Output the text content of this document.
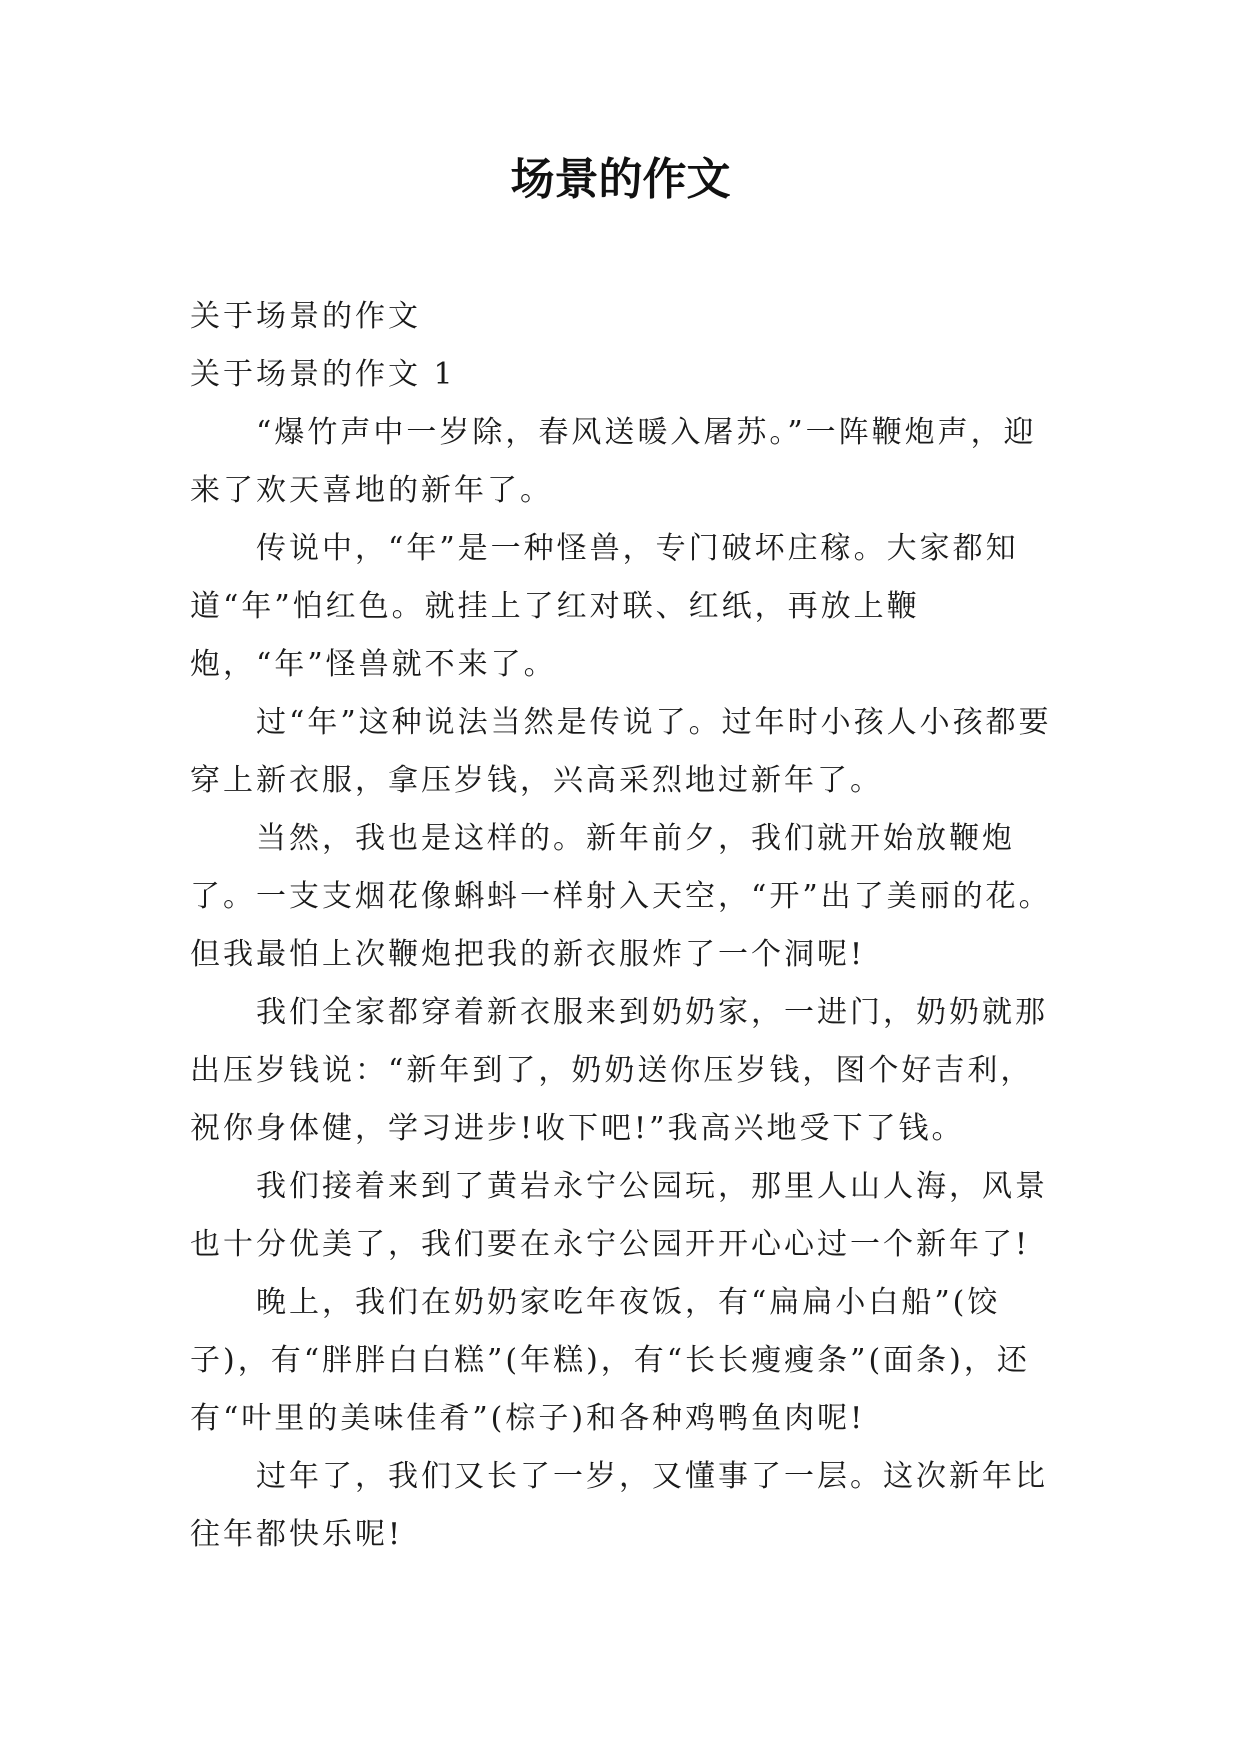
场景的作文

关于场景的作文

关于场景的作文 1

“爆竹声中一岁除，春风送暖入屠苏。”一阵鞭炮声，迎来了欢天喜地的新年了。

传说中，“年”是一种怪兽，专门破坏庄稼。大家都知道“年”怕红色。就挂上了红对联、红纸，再放上鞭炮，“年”怪兽就不来了。

过“年”这种说法当然是传说了。过年时小孩人小孩都要穿上新衣服，拿压岁钱，兴高采烈地过新年了。

当然，我也是这样的。新年前夕，我们就开始放鞭炮了。一支支烟花像蝌蚪一样射入天空，“开”出了美丽的花。但我最怕上次鞭炮把我的新衣服炸了一个洞呢!

我们全家都穿着新衣服来到奶奶家，一进门，奶奶就那出压岁钱说：“新年到了，奶奶送你压岁钱，图个好吉利，祝你身体健，学习进步!收下吧!”我高兴地受下了钱。

我们接着来到了黄岩永宁公园玩，那里人山人海，风景也十分优美了，我们要在永宁公园开开心心过一个新年了!

晚上，我们在奶奶家吃年夜饭，有“扁扁小白船”(饺子)，有“胖胖白白糕”(年糕)，有“长长瘦瘦条”(面条)，还有“叶里的美味佳肴”(棕子)和各种鸡鸭鱼肉呢!

过年了，我们又长了一岁，又懂事了一层。这次新年比往年都快乐呢!
